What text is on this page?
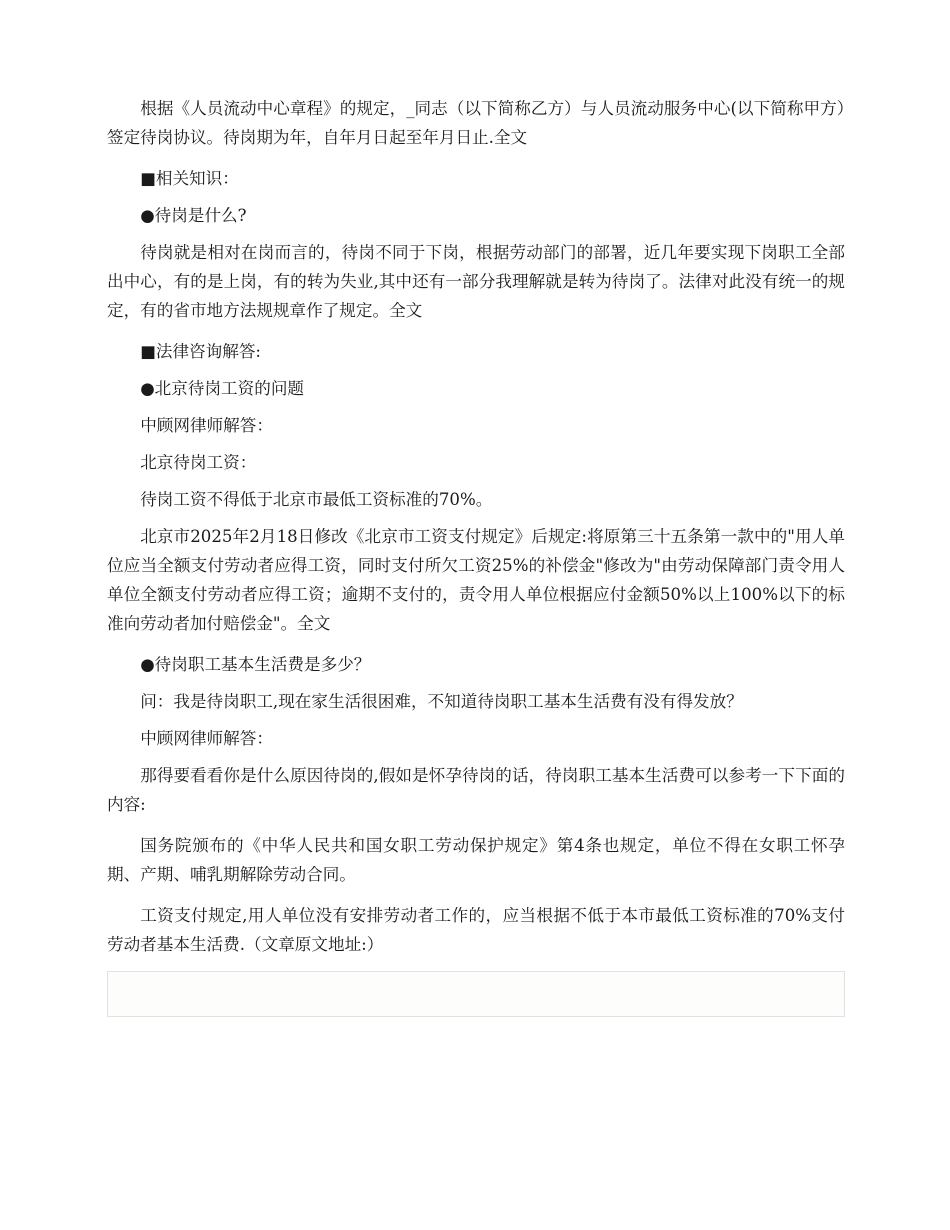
根据《人员流动中心章程》的规定，_同志（以下简称乙方）与人员流动服务中心(以下简称甲方）签定待岗协议。待岗期为年，自年月日起至年月日止.全文

■相关知识：

●待岗是什么?

待岗就是相对在岗而言的，待岗不同于下岗，根据劳动部门的部署，近几年要实现下岗职工全部出中心，有的是上岗，有的转为失业,其中还有一部分我理解就是转为待岗了。法律对此没有统一的规定，有的省市地方法规规章作了规定。全文

■法律咨询解答:

●北京待岗工资的问题

中顾网律师解答：

北京待岗工资：

待岗工资不得低于北京市最低工资标准的70%。

北京市2025年2月18日修改《北京市工资支付规定》后规定:将原第三十五条第一款中的"用人单位应当全额支付劳动者应得工资，同时支付所欠工资25%的补偿金"修改为"由劳动保障部门责令用人单位全额支付劳动者应得工资；逾期不支付的，责令用人单位根据应付金额50%以上100%以下的标准向劳动者加付赔偿金"。全文

●待岗职工基本生活费是多少？

问：我是待岗职工,现在家生活很困难，不知道待岗职工基本生活费有没有得发放？

中顾网律师解答：

那得要看看你是什么原因待岗的,假如是怀孕待岗的话，待岗职工基本生活费可以参考一下下面的内容:

国务院颁布的《中华人民共和国女职工劳动保护规定》第4条也规定，单位不得在女职工怀孕期、产期、哺乳期解除劳动合同。

工资支付规定,用人单位没有安排劳动者工作的，应当根据不低于本市最低工资标准的70%支付劳动者基本生活费.（文章原文地址:）
